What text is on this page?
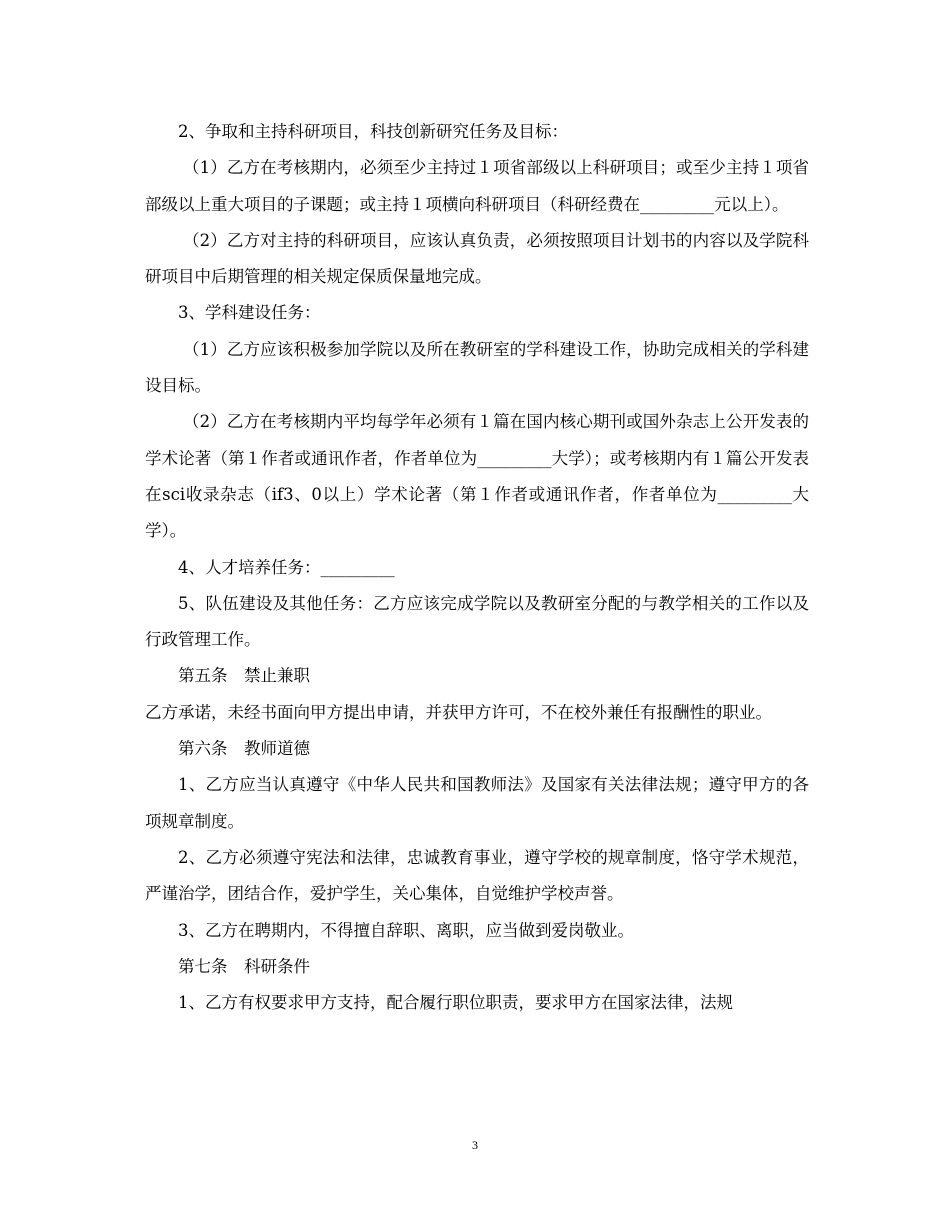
2、争取和主持科研项目，科技创新研究任务及目标：

（1）乙方在考核期内，必须至少主持过１项省部级以上科研项目；或至少主持１项省部级以上重大项目的子课题；或主持１项横向科研项目（科研经费在_________元以上）。

（2）乙方对主持的科研项目，应该认真负责，必须按照项目计划书的内容以及学院科研项目中后期管理的相关规定保质保量地完成。

3、学科建设任务：

（1）乙方应该积极参加学院以及所在教研室的学科建设工作，协助完成相关的学科建设目标。

（2）乙方在考核期内平均每学年必须有１篇在国内核心期刊或国外杂志上公开发表的学术论著（第１作者或通讯作者，作者单位为_________大学）；或考核期内有１篇公开发表在sci收录杂志（if3、0以上）学术论著（第１作者或通讯作者，作者单位为_________大学）。

4、人才培养任务：_________

5、队伍建设及其他任务：乙方应该完成学院以及教研室分配的与教学相关的工作以及行政管理工作。

第五条　禁止兼职

乙方承诺，未经书面向甲方提出申请，并获甲方许可，不在校外兼任有报酬性的职业。

第六条　教师道德

1、乙方应当认真遵守《中华人民共和国教师法》及国家有关法律法规；遵守甲方的各项规章制度。

2、乙方必须遵守宪法和法律，忠诚教育事业，遵守学校的规章制度，恪守学术规范，严谨治学，团结合作，爱护学生，关心集体，自觉维护学校声誉。

3、乙方在聘期内，不得擅自辞职、离职，应当做到爱岗敬业。

第七条　科研条件

1、乙方有权要求甲方支持，配合履行职位职责，要求甲方在国家法律，法规

3
